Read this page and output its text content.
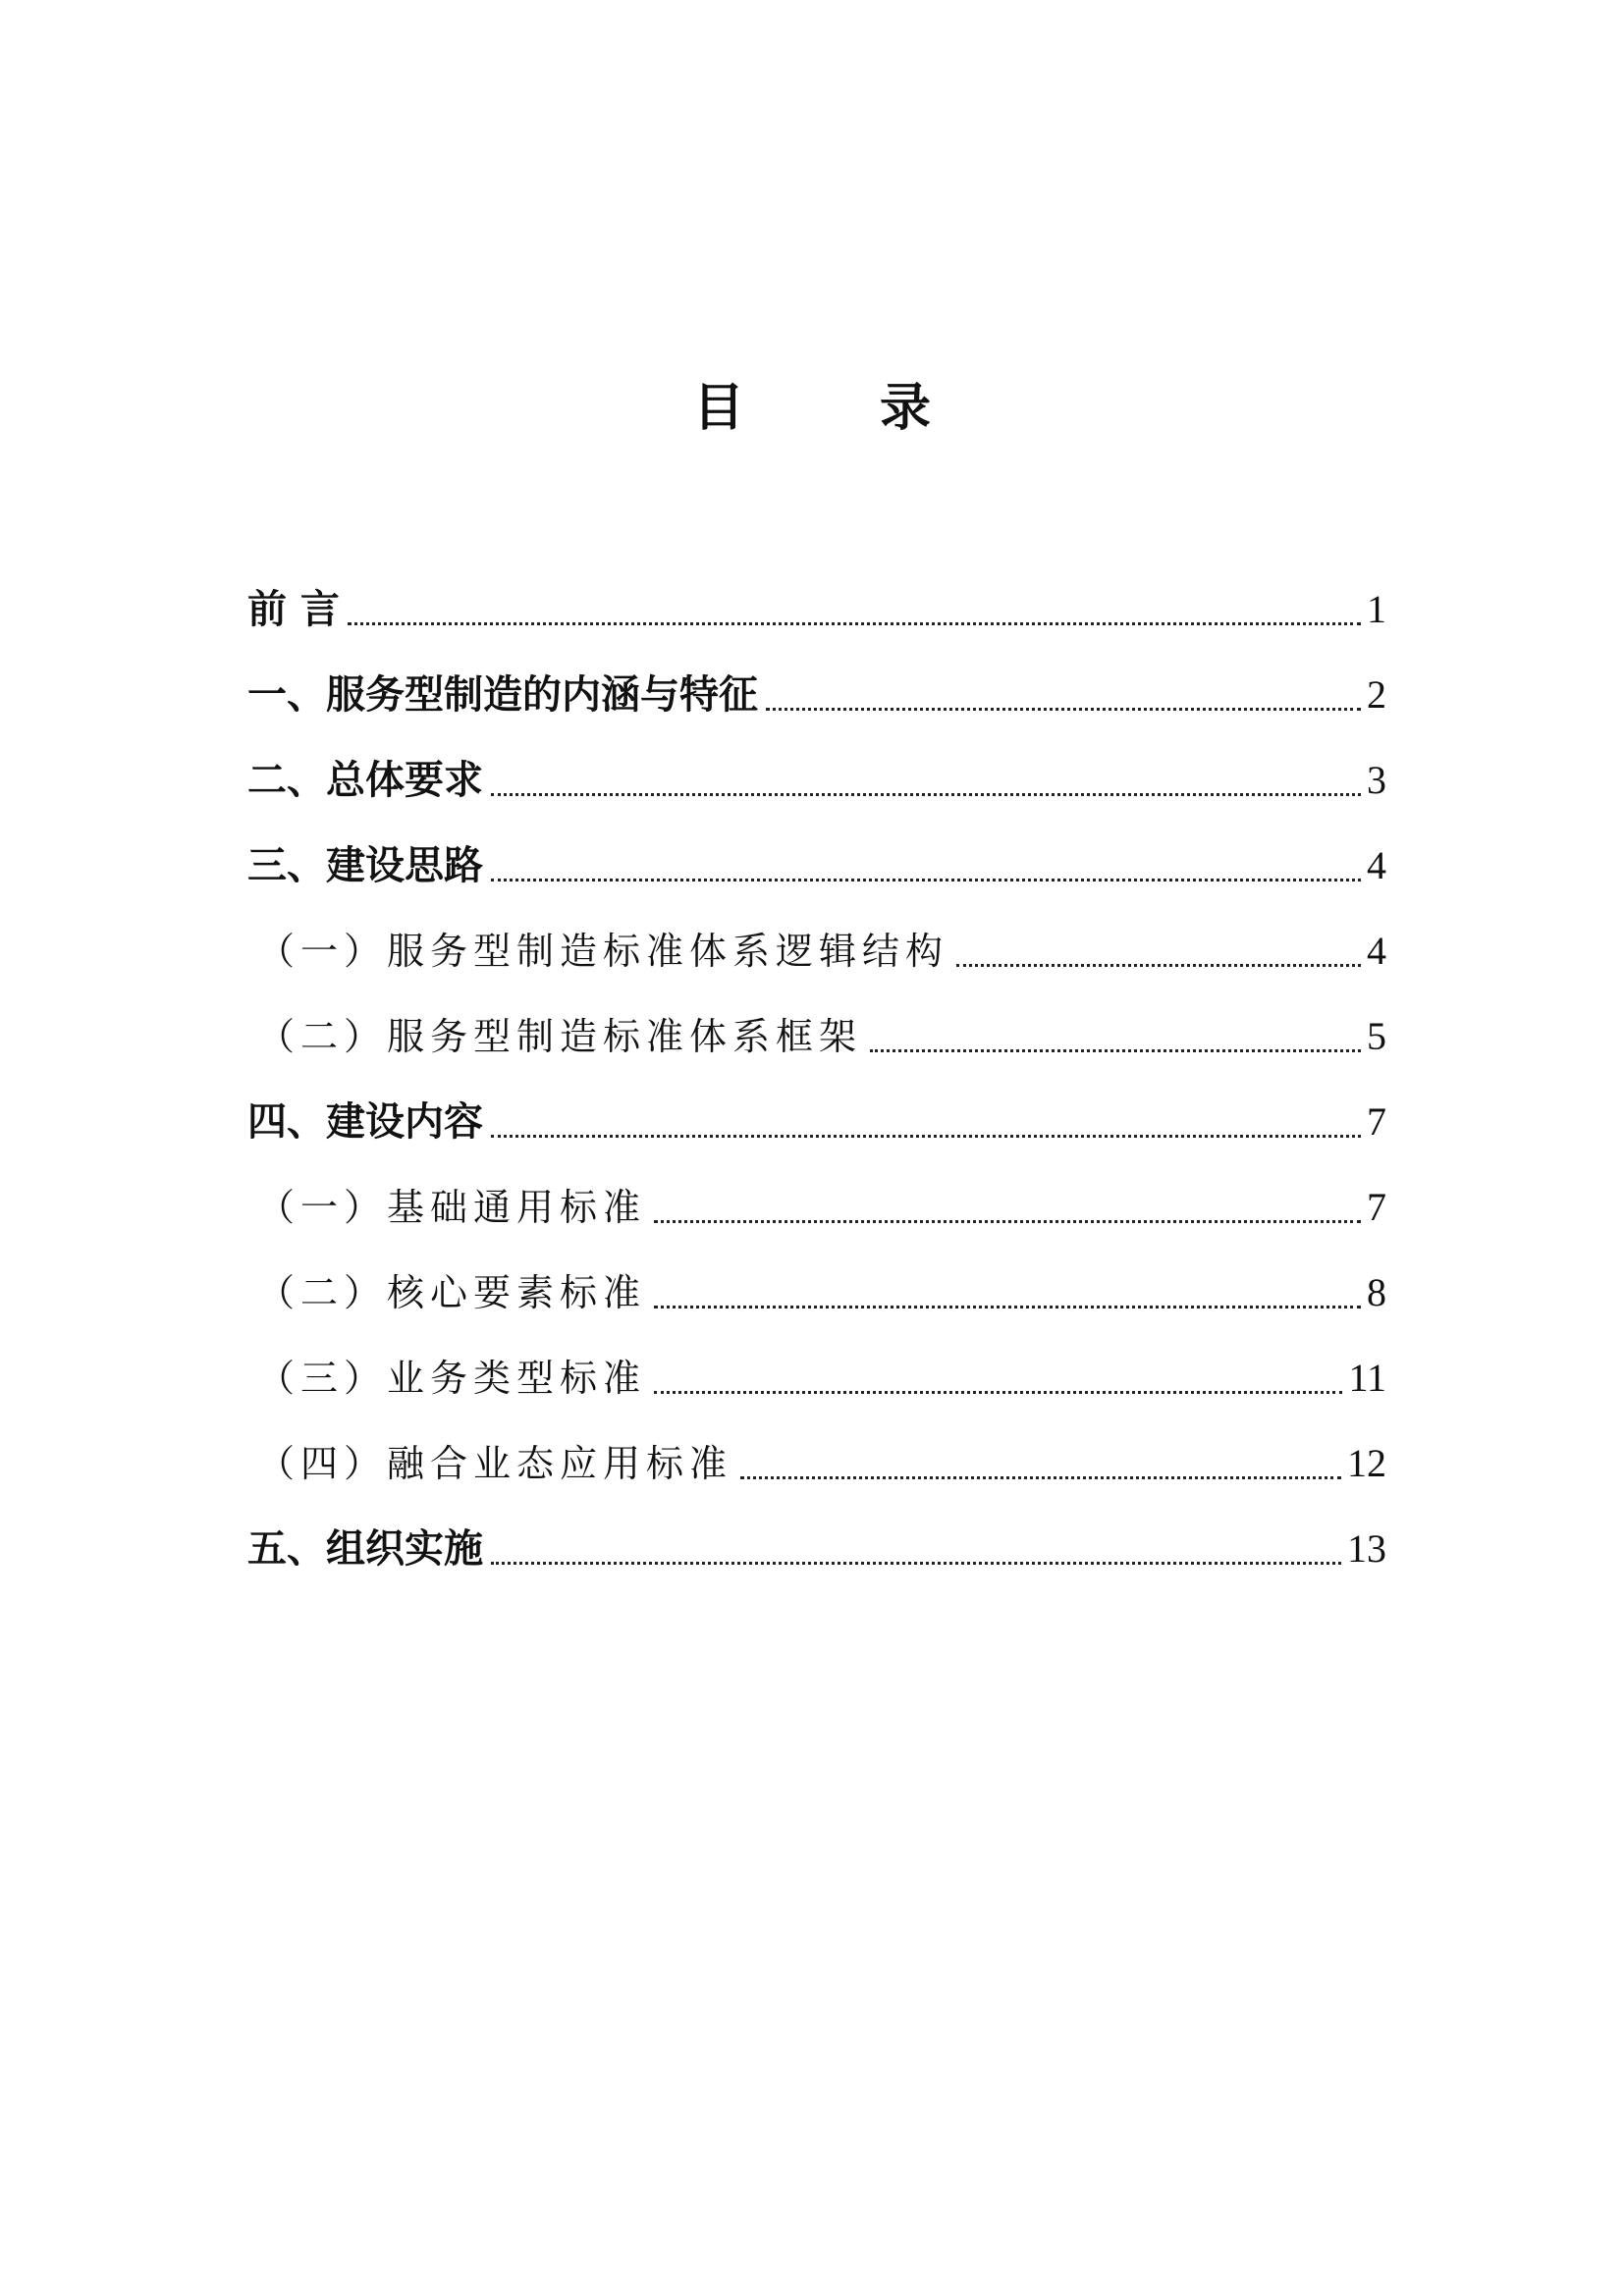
目 录
前 言	1
一、服务型制造的内涵与特征	2
二、总体要求	3
三、建设思路	4
（一）服务型制造标准体系逻辑结构	4
（二）服务型制造标准体系框架	5
四、建设内容	7
（一）基础通用标准	7
（二）核心要素标准	8
（三）业务类型标准	11
（四）融合业态应用标准	12
五、组织实施	13
